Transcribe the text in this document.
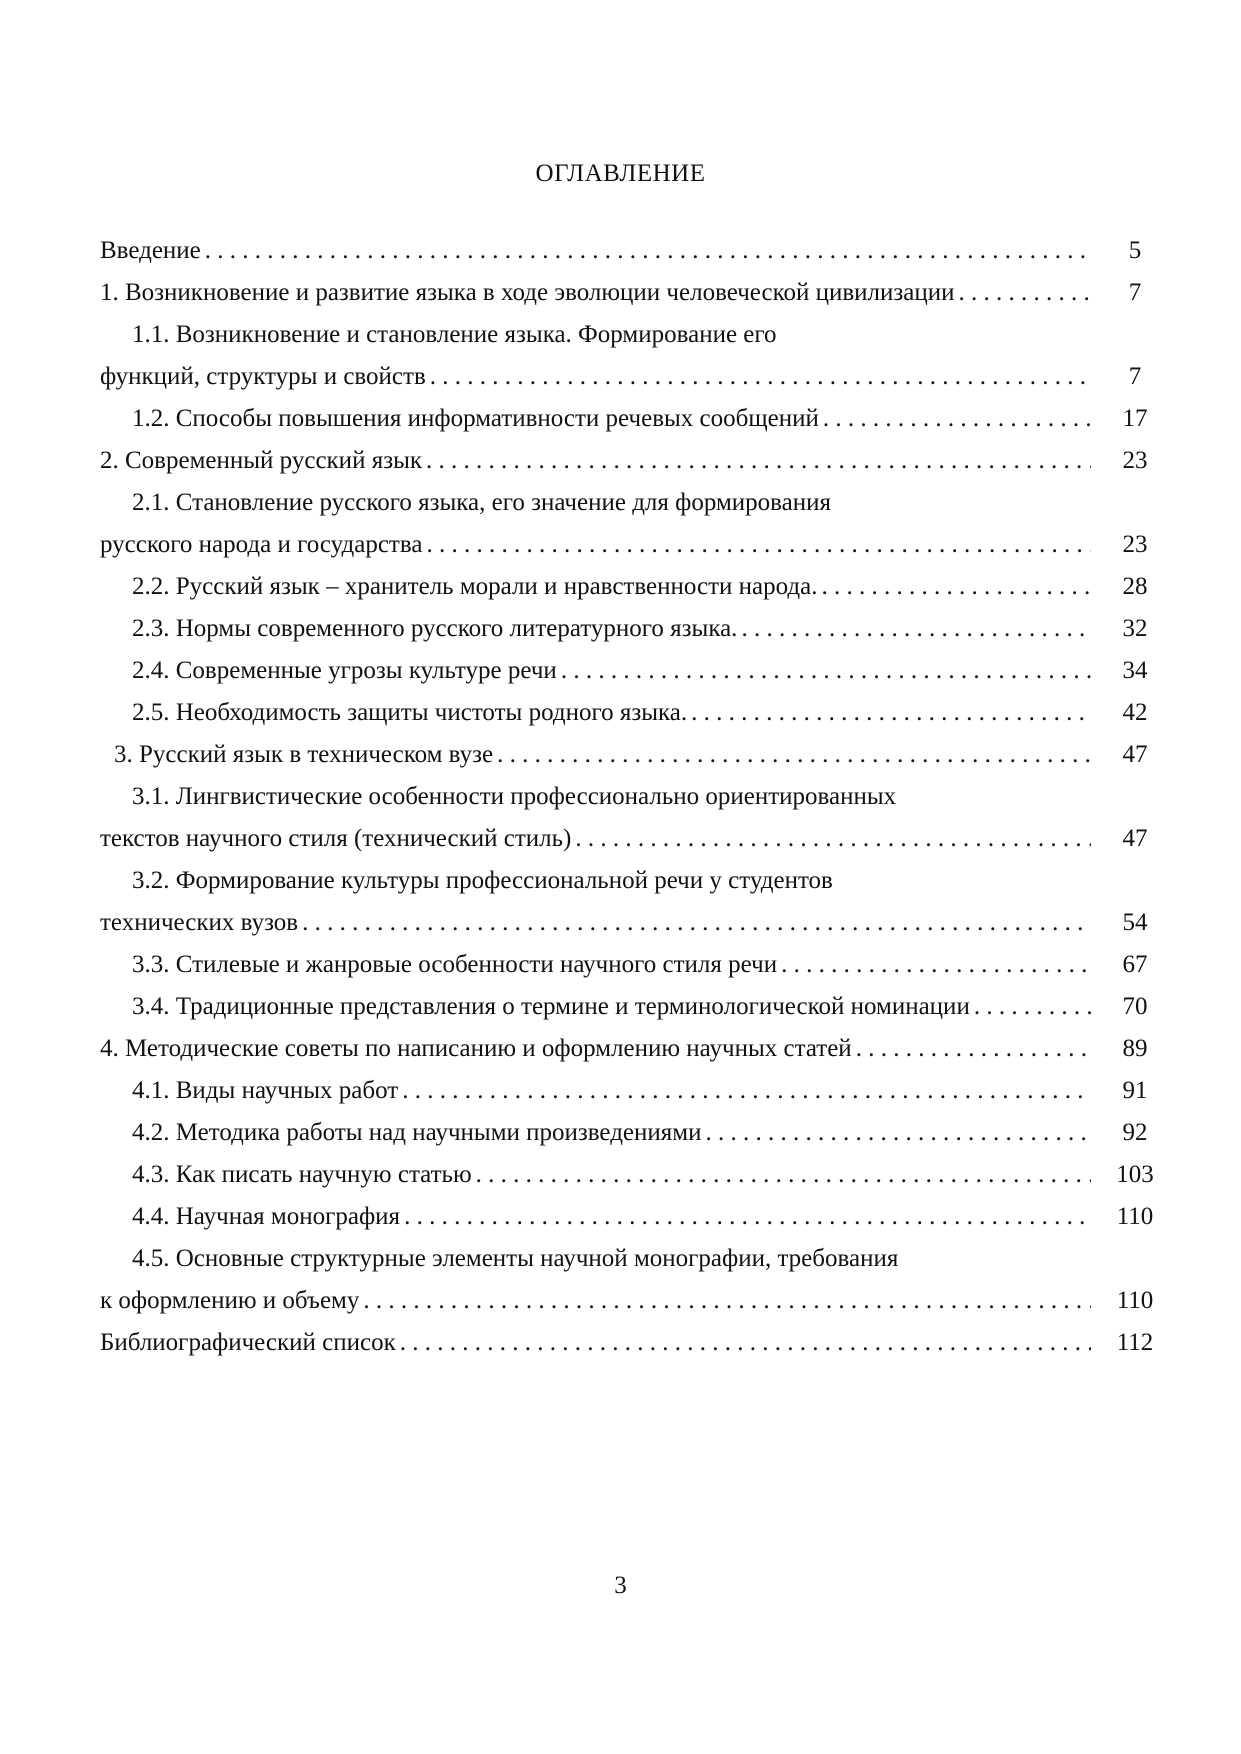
ОГЛАВЛЕНИЕ
Введение . . .	5
1. Возникновение и развитие языка в ходе эволюции человеческой цивилизации . . .	7
1.1. Возникновение и становление языка. Формирование его
функций, структуры и свойств . . .	7
1.2. Способы повышения информативности речевых сообщений . . .	17
2. Современный русский язык . . .	23
2.1. Становление русского языка, его значение для формирования
русского народа и государства . . .	23
2.2. Русский язык – хранитель морали и нравственности народа. . . .	28
2.3. Нормы современного русского литературного языка. . . .	32
2.4. Современные угрозы культуре речи . . .	34
2.5. Необходимость защиты чистоты родного языка. . . .	42
3. Русский язык в техническом вузе . . .	47
3.1. Лингвистические особенности профессионально ориентированных
текстов научного стиля (технический стиль) . . .	47
3.2. Формирование культуры профессиональной речи у студентов
технических вузов . . .	54
3.3. Стилевые и жанровые особенности научного стиля речи . . .	67
3.4. Традиционные представления о термине и терминологической номинации . . .	70
4. Методические советы по написанию и оформлению научных статей . . .	89
4.1. Виды научных работ . . .	91
4.2. Методика работы над научными произведениями . . .	92
4.3. Как писать научную статью . . .	103
4.4. Научная монография . . .	110
4.5. Основные структурные элементы научной монографии, требования
к оформлению и объему . . .	110
Библиографический список . . .	112
3
